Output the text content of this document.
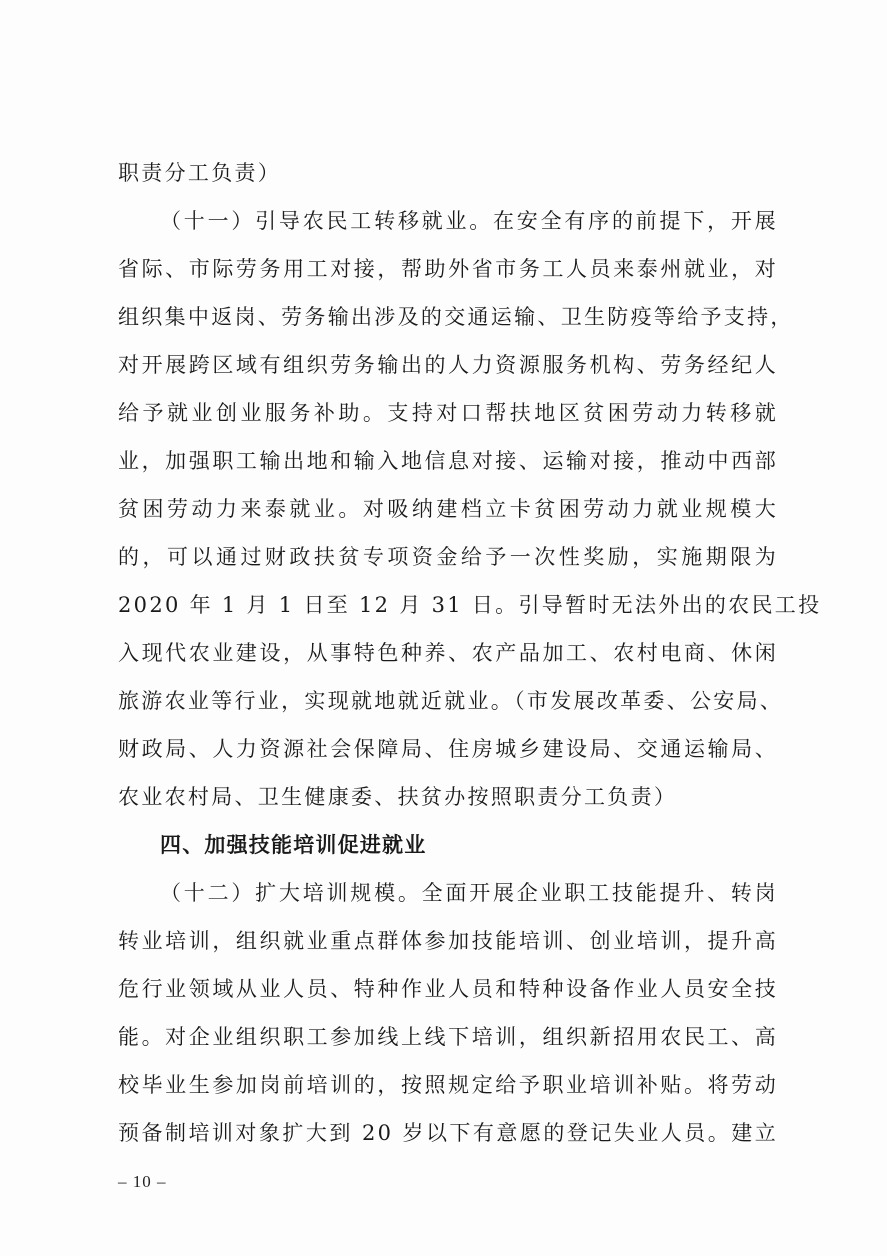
职责分工负责）
（十一）引导农民工转移就业。在安全有序的前提下，开展
省际、市际劳务用工对接，帮助外省市务工人员来泰州就业，对
组织集中返岗、劳务输出涉及的交通运输、卫生防疫等给予支持，
对开展跨区域有组织劳务输出的人力资源服务机构、劳务经纪人
给予就业创业服务补助。支持对口帮扶地区贫困劳动力转移就
业，加强职工输出地和输入地信息对接、运输对接，推动中西部
贫困劳动力来泰就业。对吸纳建档立卡贫困劳动力就业规模大
的，可以通过财政扶贫专项资金给予一次性奖励，实施期限为
2020 年 1 月 1 日至 12 月 31 日。引导暂时无法外出的农民工投
入现代农业建设，从事特色种养、农产品加工、农村电商、休闲
旅游农业等行业，实现就地就近就业。（市发展改革委、公安局、
财政局、人力资源社会保障局、住房城乡建设局、交通运输局、
农业农村局、卫生健康委、扶贫办按照职责分工负责）
四、加强技能培训促进就业
（十二）扩大培训规模。全面开展企业职工技能提升、转岗
转业培训，组织就业重点群体参加技能培训、创业培训，提升高
危行业领域从业人员、特种作业人员和特种设备作业人员安全技
能。对企业组织职工参加线上线下培训，组织新招用农民工、高
校毕业生参加岗前培训的，按照规定给予职业培训补贴。将劳动
预备制培训对象扩大到 20 岁以下有意愿的登记失业人员。建立
– 10 –
